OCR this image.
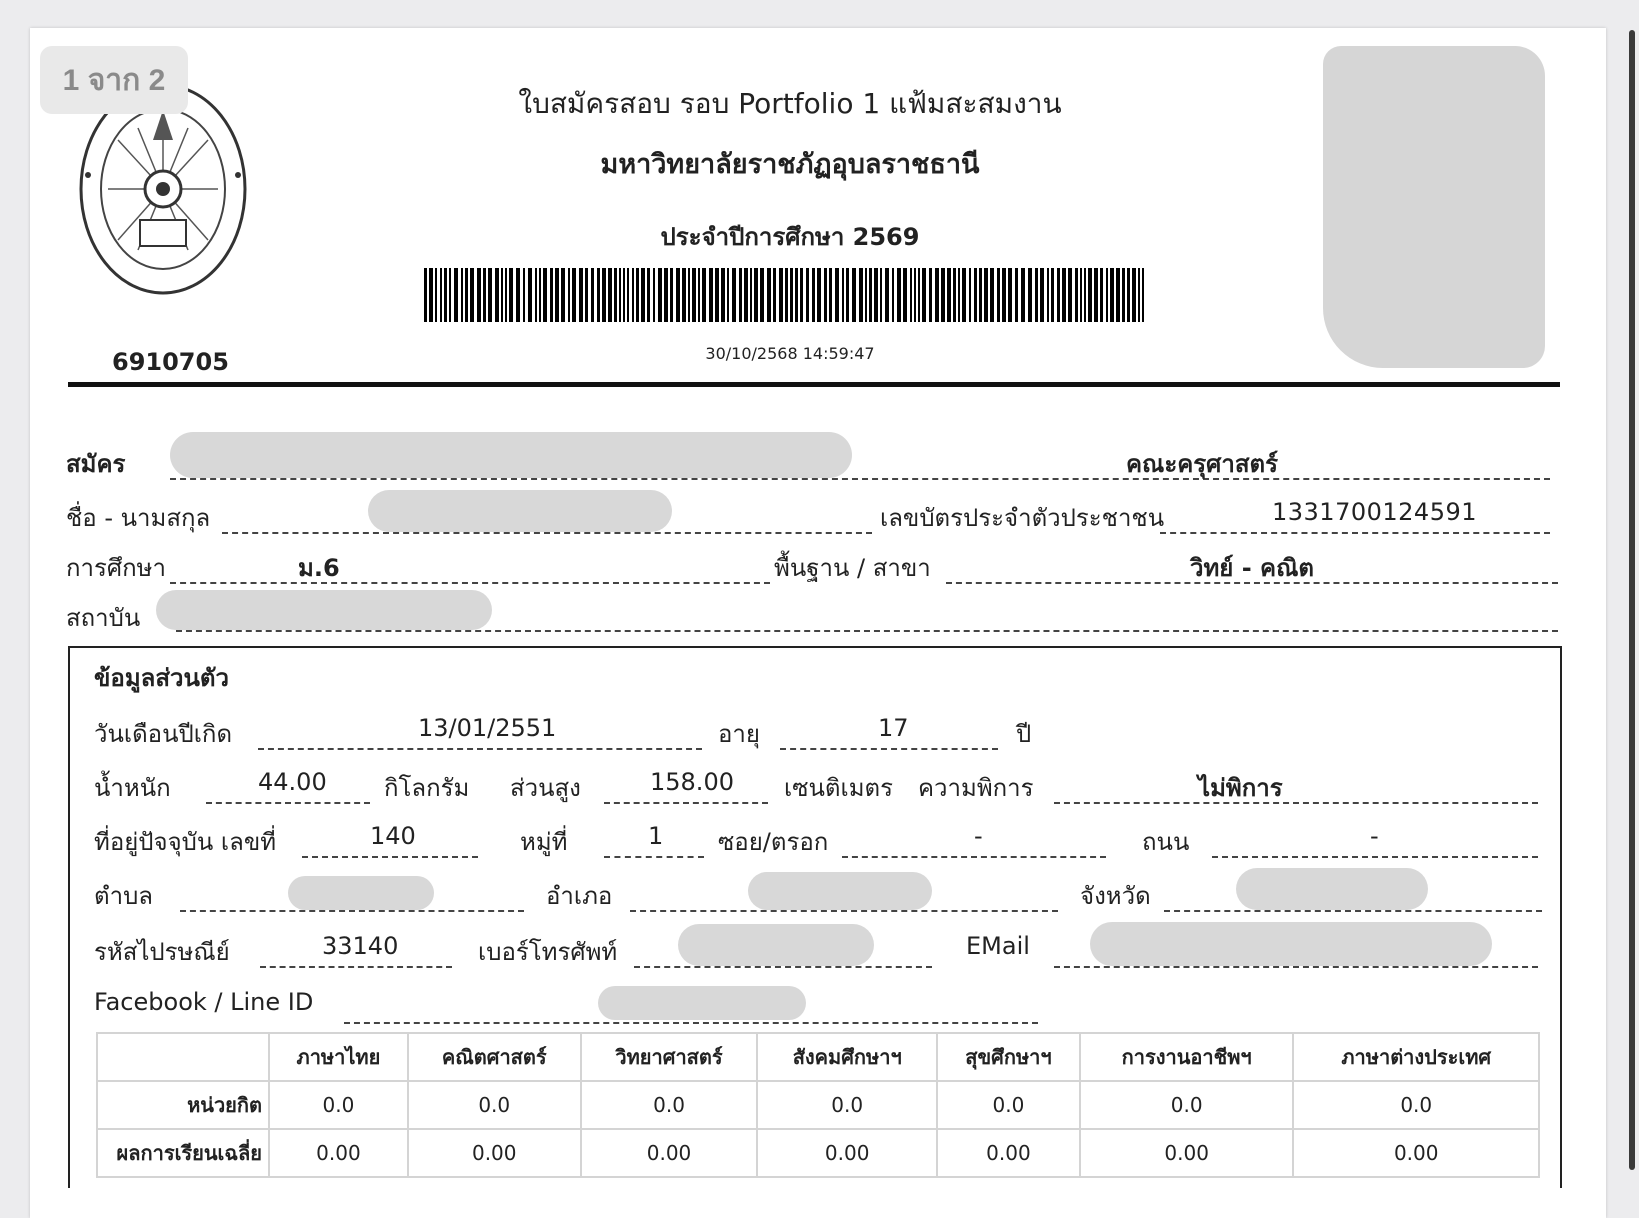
1 จาก 2
ใบสมัครสอบ รอบ Portfolio 1 แฟ้มสะสมงาน
มหาวิทยาลัยราชภัฏอุบลราชธานี
ประจำปีการศึกษา 2569
30/10/2568 14:59:47
6910705
สมัคร	คณะครุศาสตร์
ชื่อ - นามสกุล	เลขบัตรประจำตัวประชาชน	1331700124591
การศึกษา	ม.6	พื้นฐาน / สาขา	วิทย์ - คณิต
สถาบัน
ข้อมูลส่วนตัว
วันเดือนปีเกิด	13/01/2551	อายุ	17	ปี
น้ำหนัก	44.00 กิโลกรัม ส่วนสูง	158.00 เซนติเมตร ความพิการ	ไม่พิการ
ที่อยู่ปัจจุบัน เลขที่	140	หมู่ที่	1 ซอย/ตรอก	-	ถนน	-
ตำบล	อำเภอ	จังหวัด
รหัสไปรษณีย์	33140	เบอร์โทรศัพท์	EMail
Facebook / Line ID
	ภาษาไทย	คณิตศาสตร์	วิทยาศาสตร์	สังคมศึกษาฯ	สุขศึกษาฯ	การงานอาชีพฯ	ภาษาต่างประเทศ
หน่วยกิต	0.0	0.0	0.0	0.0	0.0	0.0	0.0
ผลการเรียนเฉลี่ย	0.00	0.00	0.00	0.00	0.00	0.00	0.00
